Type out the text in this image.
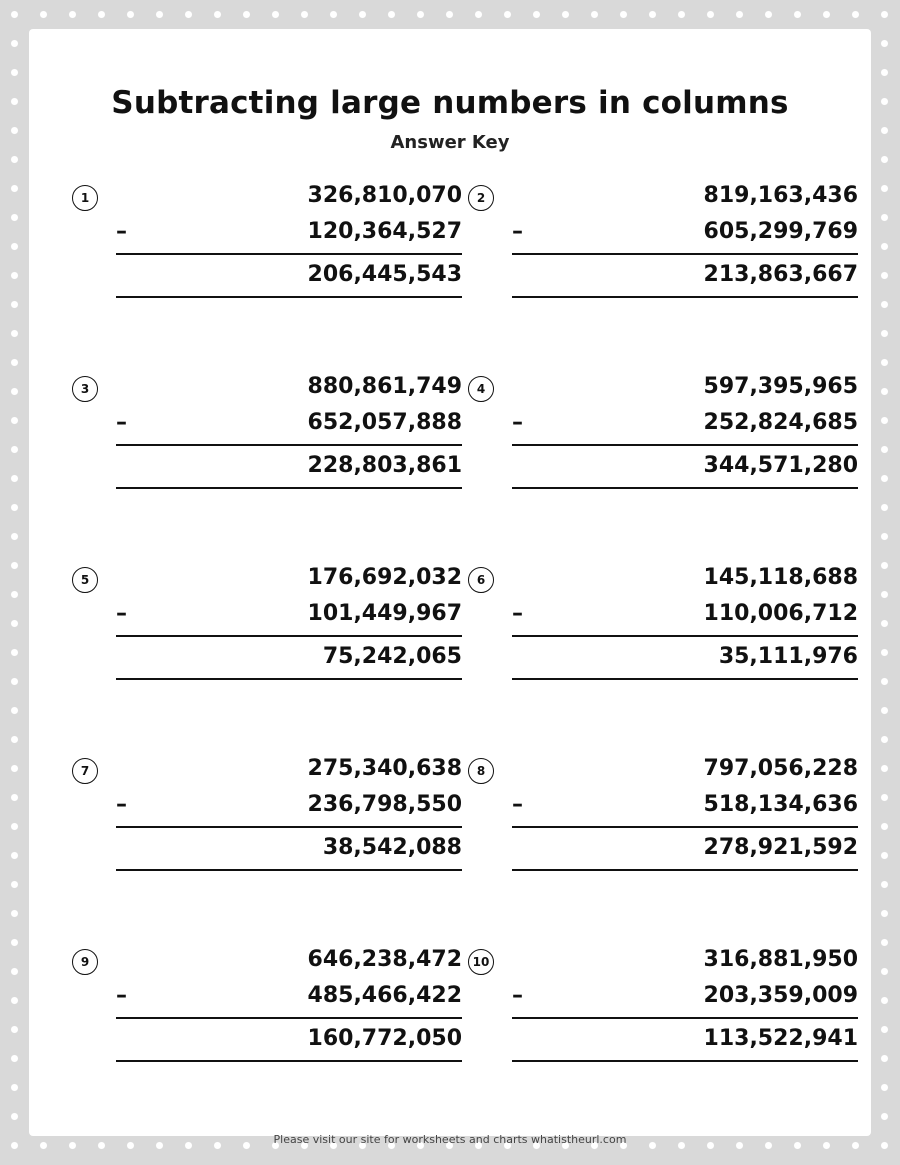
Subtracting large numbers in columns
Answer Key
1	326,810,070
–	120,364,527
206,445,543
2	819,163,436
–	605,299,769
213,863,667
3	880,861,749
–	652,057,888
228,803,861
4	597,395,965
–	252,824,685
344,571,280
5	176,692,032
–	101,449,967
75,242,065
6	145,118,688
–	110,006,712
35,111,976
7	275,340,638
–	236,798,550
38,542,088
8	797,056,228
–	518,134,636
278,921,592
9	646,238,472
–	485,466,422
160,772,050
10	316,881,950
–	203,359,009
113,522,941
Please visit our site for worksheets and charts whatistheurl.com
